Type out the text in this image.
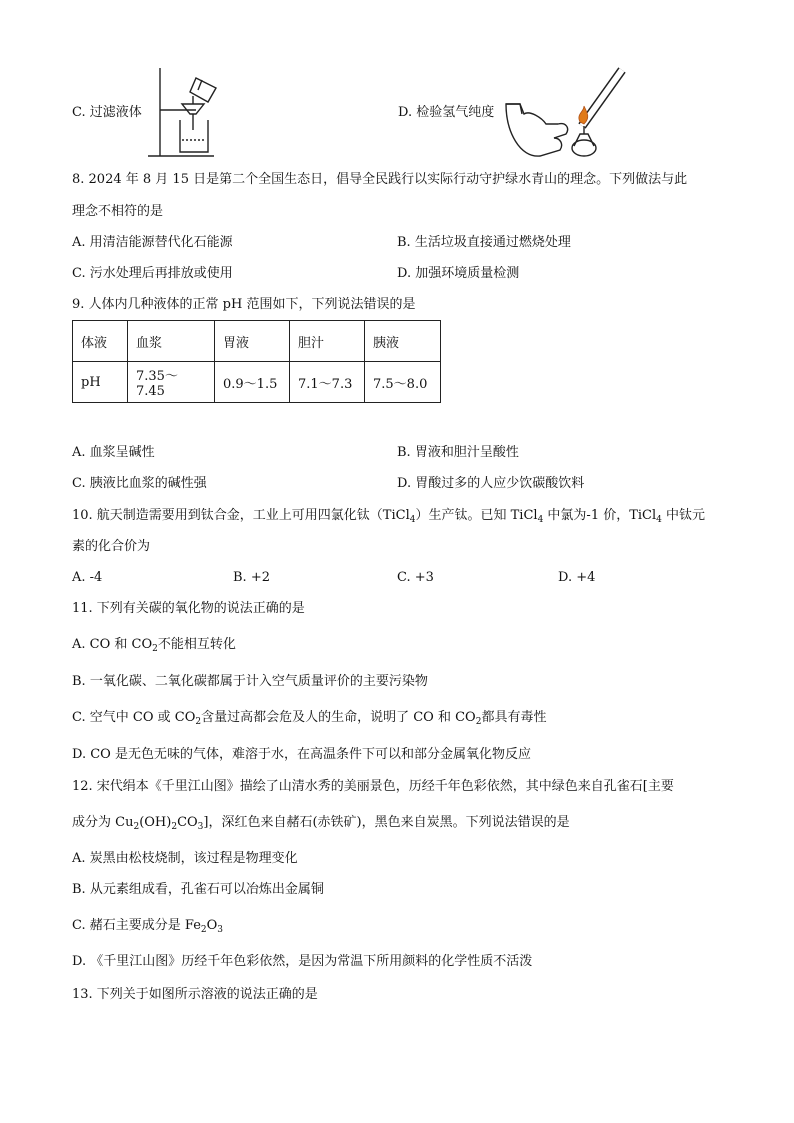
C. 过滤液体	D. 检验氢气纯度
8. 2024 年 8 月 15 日是第二个全国生态日，倡导全民践行以实际行动守护绿水青山的理念。下列做法与此
理念不相符的是
A. 用清洁能源替代化石能源	B. 生活垃圾直接通过燃烧处理
C. 污水处理后再排放或使用	D. 加强环境质量检测
9. 人体内几种液体的正常 pH 范围如下，下列说法错误的是
体液	血浆	胃液	胆汁	胰液
pH	7.35～7.45	0.9～1.5	7.1～7.3	7.5～8.0
A. 血浆呈碱性	B. 胃液和胆汁呈酸性
C. 胰液比血浆的碱性强	D. 胃酸过多的人应少饮碳酸饮料
10. 航天制造需要用到钛合金，工业上可用四氯化钛（TiCl$_4$）生产钛。已知 TiCl$_4$ 中氯为-1 价，TiCl$_4$ 中钛元
素的化合价为
A. -4	B. +2	C. +3	D. +4
11. 下列有关碳的氧化物的说法正确的是
A. CO 和 $CO_2$不能相互转化
B. 一氧化碳、二氧化碳都属于计入空气质量评价的主要污染物
C. 空气中 CO 或 $CO_2$含量过高都会危及人的生命，说明了 CO 和 $CO_2$都具有毒性
D. CO 是无色无味的气体，难溶于水，在高温条件下可以和部分金属氧化物反应
12. 宋代绢本《千里江山图》描绘了山清水秀的美丽景色，历经千年色彩依然，其中绿色来自孔雀石[主要
成分为 $Cu_2(OH)_2CO_3$]，深红色来自赭石(赤铁矿)，黑色来自炭黑。下列说法错误的是
A. 炭黑由松枝烧制，该过程是物理变化
B. 从元素组成看，孔雀石可以冶炼出金属铜
C. 赭石主要成分是 $Fe_2O_3$
D. 《千里江山图》历经千年色彩依然，是因为常温下所用颜料的化学性质不活泼
13. 下列关于如图所示溶液的说法正确的是
